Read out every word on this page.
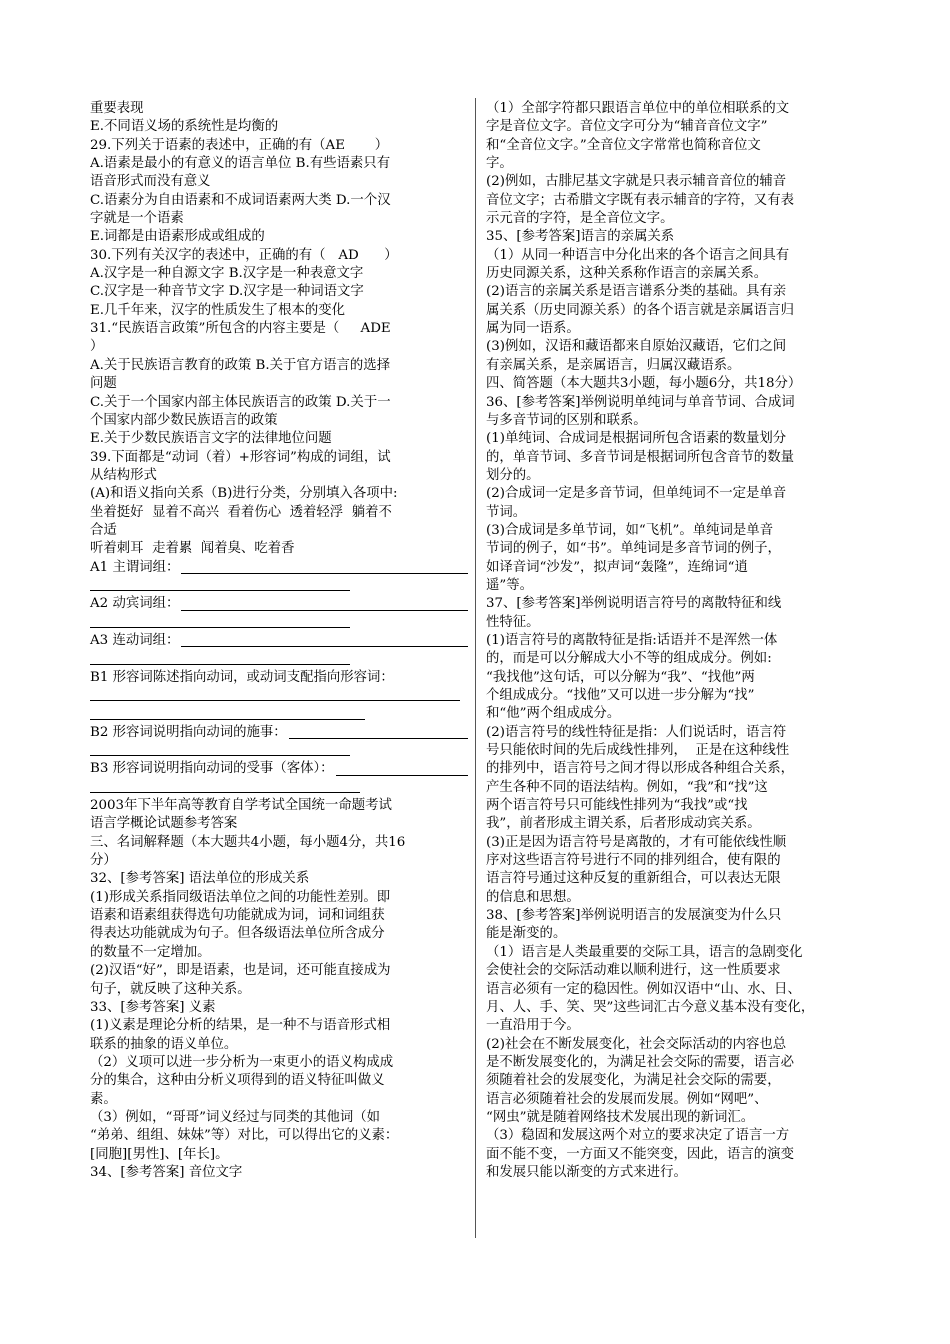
重要表现
E.不同语义场的系统性是均衡的
29.下列关于语素的表述中，正确的有（AE       ）
A.语素是最小的有意义的语言单位 B.有些语素只有
语音形式而没有意义
C.语素分为自由语素和不成词语素两大类 D.一个汉
字就是一个语素
E.词都是由语素形成或组成的
30.下列有关汉字的表述中，正确的有（   AD      ）
A.汉字是一种自源文字 B.汉字是一种表意文字
C.汉字是一种音节文字 D.汉字是一种词语文字
E.几千年来，汉字的性质发生了根本的变化
31.“民族语言政策”所包含的内容主要是（     ADE
）
A.关于民族语言教育的政策 B.关于官方语言的选择
问题
C.关于一个国家内部主体民族语言的政策 D.关于一
个国家内部少数民族语言的政策
E.关于少数民族语言文字的法律地位问题
39.下面都是“动词（着）+形容词”构成的词组，试
从结构形式
(A)和语义指向关系（B)进行分类，分别填入各项中:
坐着挺好  显着不高兴  看着伤心  透着轻浮  躺着不
合适
听着刺耳  走着累  闻着臭、吃着香
A1 主谓词组：
A2 动宾词组：
A3 连动词组：
B1 形容词陈述指向动词，或动词支配指向形容词：
B2 形容词说明指向动词的施事：
B3 形容词说明指向动词的受事（客体）：
2003年下半年高等教育自学考试全国统一命题考试
语言学概论试题参考答案
三、名词解释题（本大题共4小题，每小题4分，共16
分）
32、[参考答案] 语法单位的形成关系
(1)形成关系指同级语法单位之间的功能性差别。即
语素和语素组获得选句功能就成为词，词和词组获
得表达功能就成为句子。但各级语法单位所含成分
的数量不一定增加。
(2)汉语“好”，即是语素，也是词，还可能直接成为
句子，就反映了这种关系。
33、[参考答案] 义素
(1)义素是理论分析的结果，是一种不与语音形式相
联系的抽象的语义单位。
（2）义项可以进一步分析为一束更小的语义构成成
分的集合，这种由分析义项得到的语义特征叫做义
素。
（3）例如，“哥哥”词义经过与同类的其他词（如
“弟弟、组组、妹妹”等）对比，可以得出它的义素：
[同胞][男性]、[年长]。
34、[参考答案] 音位文字
（1）全部字符都只跟语言单位中的单位相联系的文
字是音位文字。音位文字可分为“辅音音位文字”
和“全音位文字。”全音位文字常常也简称音位文
字。
(2)例如，古腓尼基文字就是只表示辅音音位的辅音
音位文字；古希腊文字既有表示辅音的字符，又有表
示元音的字符，是全音位文字。
35、[参考答案]语言的亲属关系
（1）从同一种语言中分化出来的各个语言之间具有
历史同源关系，这种关系称作语言的亲属关系。
(2)语言的亲属关系是语言谱系分类的基础。具有亲
属关系（历史同源关系）的各个语言就是亲属语言归
属为同一语系。
(3)例如，汉语和藏语都来自原始汉藏语，它们之间
有亲属关系，是亲属语言，归属汉藏语系。
四、简答题（本大题共3小题，每小题6分，共18分）
36、[参考答案]举例说明单纯词与单音节词、合成词
与多音节词的区别和联系。
(1)单纯词、合成词是根据词所包含语素的数量划分
的，单音节词、多音节词是根据词所包含音节的数量
划分的。
(2)合成词一定是多音节词，但单纯词不一定是单音
节词。
(3)合成词是多单节词，如“飞机”。单纯词是单音
节词的例子，如“书”。单纯词是多音节词的例子，
如译音词“沙发”，拟声词“轰隆”，连绵词“逍
遥”等。
37、[参考答案]举例说明语言符号的离散特征和线
性特征。
(1)语言符号的离散特征是指:话语并不是浑然一体
的，而是可以分解成大小不等的组成成分。例如:
“我找他”这句话，可以分解为“我”、“找他”两
个组成成分。“找他”又可以进一步分解为“找”
和“他”两个组成成分。
(2)语言符号的线性特征是指：人们说话时，语言符
号只能依时间的先后成线性排列，  正是在这种线性
的排列中，语言符号之间才得以形成各种组合关系，
产生各种不同的语法结构。例如，“我”和“找”这
两个语言符号只可能线性排列为“我找”或“找
我”，前者形成主谓关系，后者形成动宾关系。
(3)正是因为语言符号是离散的，才有可能依线性顺
序对这些语言符号进行不同的排列组合，使有限的
语言符号通过这种反复的重新组合，可以表达无限
的信息和思想。
38、[参考答案]举例说明语言的发展演变为什么只
能是渐变的。
（1）语言是人类最重要的交际工具，语言的急剧变化
会使社会的交际活动难以顺利进行，这一性质要求
语言必须有一定的稳因性。例如汉语中“山、水、日、
月、人、手、笑、哭”这些词汇古今意义基本没有变化，
一直沿用于今。
(2)社会在不断发展变化，社会交际活动的内容也总
是不断发展变化的，为满足社会交际的需要，语言必
须随着社会的发展变化，为满足社会交际的需要，
语言必须随着社会的发展而发展。例如“网吧”、
“网虫”就是随着网络技术发展出现的新词汇。
（3）稳固和发展这两个对立的要求决定了语言一方
面不能不变，一方面又不能突变，因此，语言的演变
和发展只能以渐变的方式来进行。
